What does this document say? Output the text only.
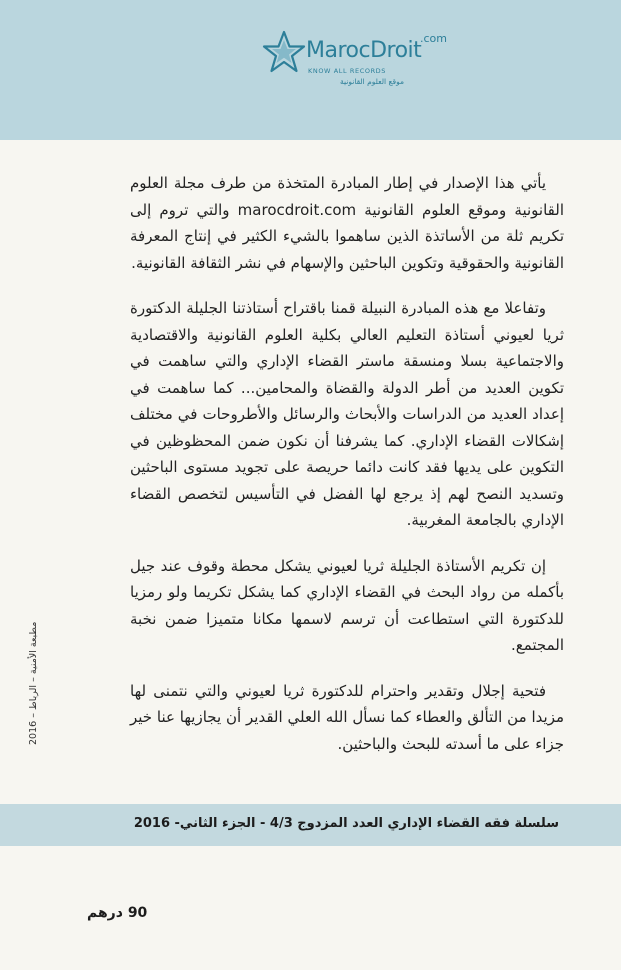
MarocDroit
.com
KNOW ALL RECORDS
موقع العلوم القانونية

يأتي هذا الإصدار في إطار المبادرة المتخذة من طرف مجلة العلوم القانونية وموقع العلوم القانونية marocdroit.com والتي تروم إلى تكريم ثلة من الأساتذة الذين ساهموا بالشيء الكثير في إنتاج المعرفة القانونية والحقوقية وتكوين الباحثين والإسهام في نشر الثقافة القانونية.

وتفاعلا مع هذه المبادرة النبيلة قمنا باقتراح أستاذتنا الجليلة الدكتورة ثريا لعيوني أستاذة التعليم العالي بكلية العلوم القانونية والاقتصادية والاجتماعية بسلا ومنسقة ماستر القضاء الإداري والتي ساهمت في تكوين العديد من أطر الدولة والقضاة والمحامين... كما ساهمت في إعداد العديد من الدراسات والأبحاث والرسائل والأطروحات في مختلف إشكالات القضاء الإداري. كما يشرفنا أن نكون ضمن المحظوظين في التكوين على يديها فقد كانت دائما حريصة على تجويد مستوى الباحثين وتسديد النصح لهم إذ يرجع لها الفضل في التأسيس لتخصص القضاء الإداري بالجامعة المغربية.

إن تكريم الأستاذة الجليلة ثريا لعيوني يشكل محطة وقوف عند جيل بأكمله من رواد البحث في القضاء الإداري كما يشكل تكريما ولو رمزيا للدكتورة التي استطاعت أن ترسم لاسمها مكانا متميزا ضمن نخبة المجتمع.

فتحية إجلال وتقدير واحترام للدكتورة ثريا لعيوني والتي نتمنى لها مزيدا من التألق والعطاء كما نسأل الله العلي القدير أن يجازيها عنا خير جزاء على ما أسدته للبحث والباحثين.

مطبعة الأمنية – الرباط – 2016
سلسلة فقه القضاء الإداري العدد المزدوج 4/3 - الجزء الثاني- 2016
90 درهم
